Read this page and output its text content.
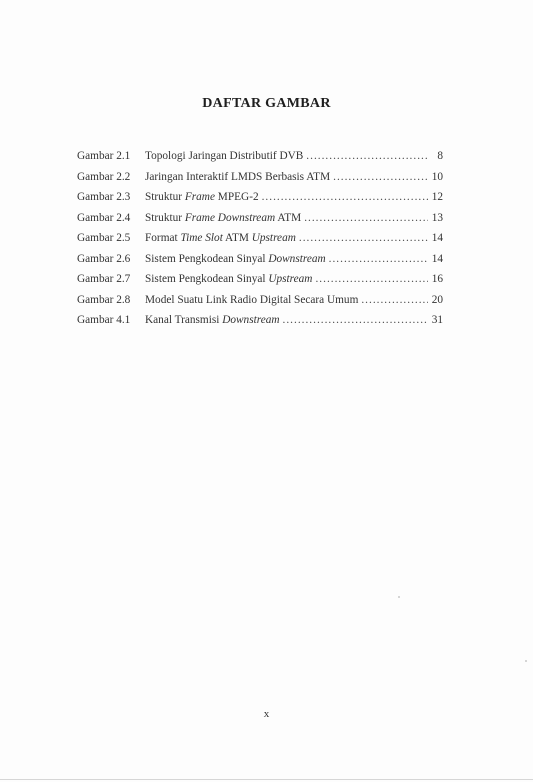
DAFTAR GAMBAR
Gambar 2.1	Topologi Jaringan Distributif DVB .....	8
Gambar 2.2	Jaringan Interaktif LMDS Berbasis ATM .....	10
Gambar 2.3	Struktur Frame MPEG-2 .....	12
Gambar 2.4	Struktur Frame Downstream ATM .....	13
Gambar 2.5	Format Time Slot ATM Upstream .....	14
Gambar 2.6	Sistem Pengkodean Sinyal Downstream .....	14
Gambar 2.7	Sistem Pengkodean Sinyal Upstream .....	16
Gambar 2.8	Model Suatu Link Radio Digital Secara Umum .....	20
Gambar 4.1	Kanal Transmisi Downstream .....	31
x
